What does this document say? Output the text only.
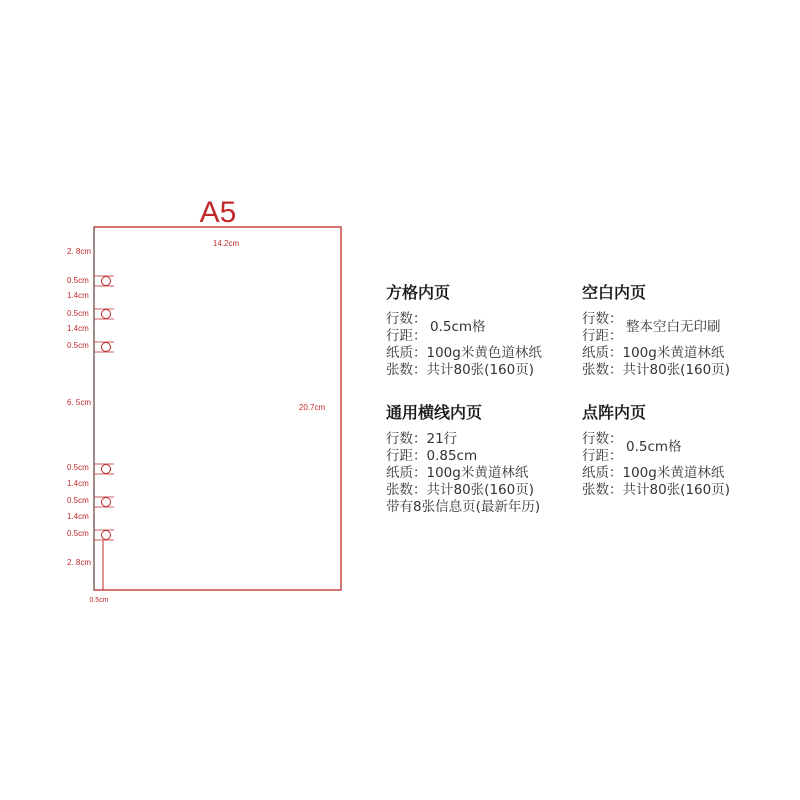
A5
14.2cm
20.7cm
2. 8cm
0.5cm
1.4cm
0.5cm
1.4cm
0.5cm
6. 5cm
0.5cm
1.4cm
0.5cm
1.4cm
0.5cm
2. 8cm
0.5cm
方格内页
行数：
行距：
0.5cm格
纸质：100g米黄色道林纸
张数：共计80张(160页)
空白内页
行数：
行距：
整本空白无印刷
纸质：100g米黄道林纸
张数：共计80张(160页)
通用横线内页
行数：21行
行距：0.85cm
纸质：100g米黄道林纸
张数：共计80张(160页)
带有8张信息页(最新年历)
点阵内页
行数：
行距：
0.5cm格
纸质：100g米黄道林纸
张数：共计80张(160页)
